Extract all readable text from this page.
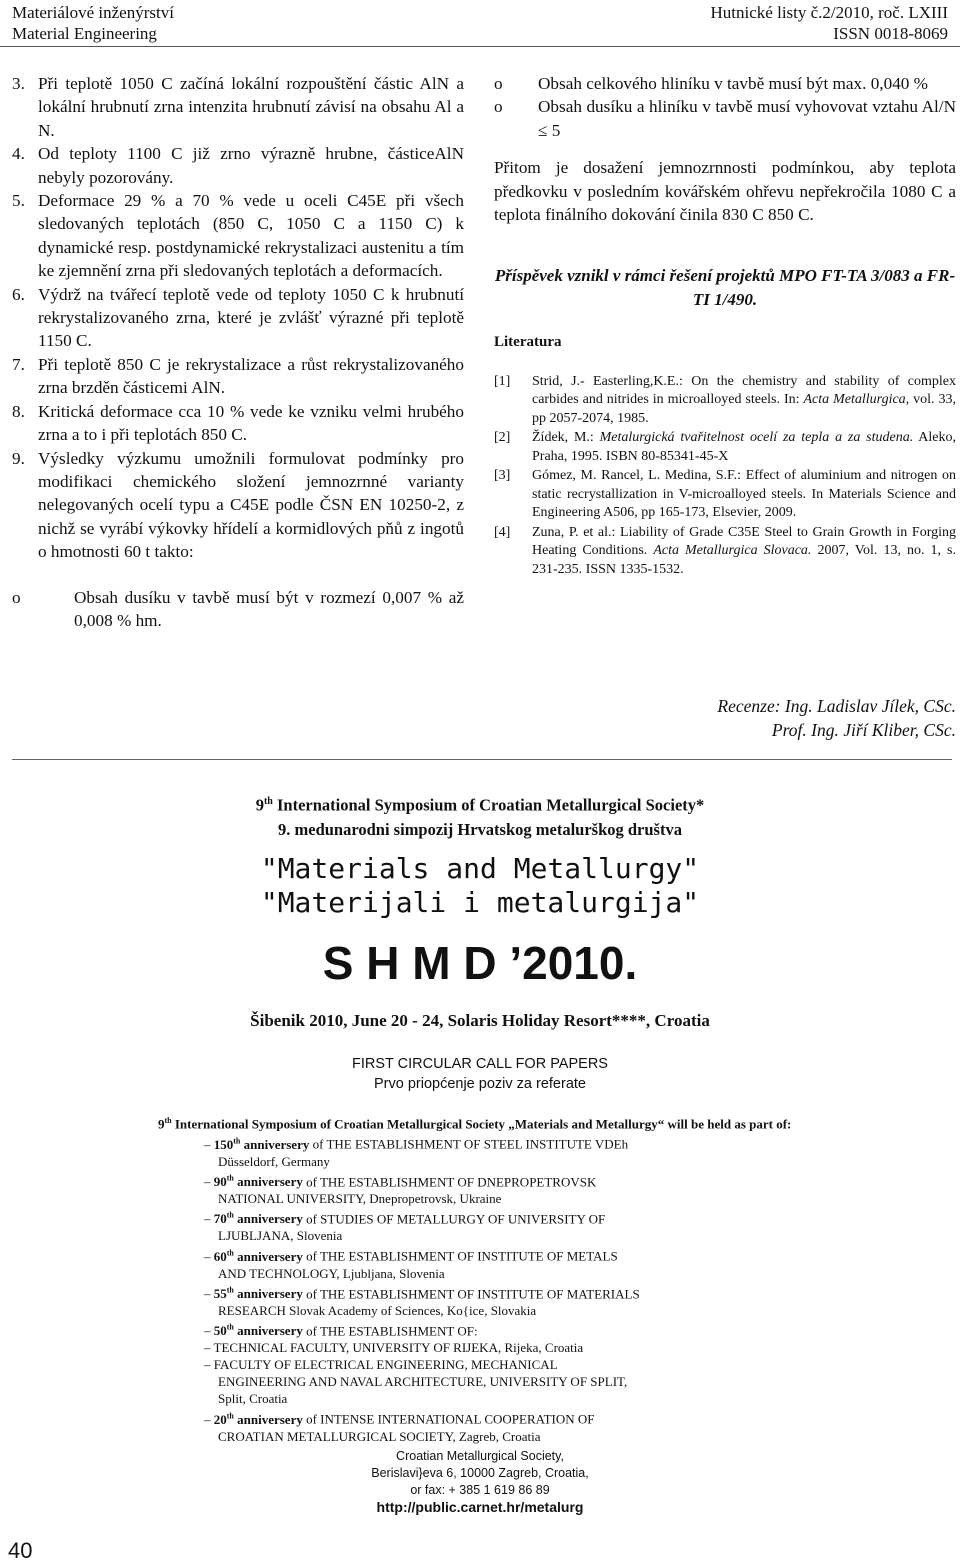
Materiálové inženýrství
Material Engineering
Hutnické listy č.2/2010, roč. LXIII
ISSN 0018-8069
3. Při teplotě 1050 C začíná lokální rozpouštění částic AlN a lokální hrubnutí zrna intenzita hrubnutí závisí na obsahu Al a N.
4. Od teploty 1100 C již zrno výrazně hrubne, částiceAlN nebyly pozorovány.
5. Deformace 29 % a 70 % vede u oceli C45E při všech sledovaných teplotách (850 C, 1050 C a 1150 C) k dynamické resp. postdynamické rekrystalizaci austenitu a tím ke zjemnění zrna při sledovaných teplotách a deformacích.
6. Výdrž na tvářecí teplotě vede od teploty 1050 C k hrubnutí rekrystalizovaného zrna, které je zvlášť výrazné při teplotě 1150 C.
7. Při teplotě 850 C je rekrystalizace a růst rekrystalizovaného zrna brzděn částicemi AlN.
8. Kritická deformace cca 10 % vede ke vzniku velmi hrubého zrna a to i při teplotách 850 C.
9. Výsledky výzkumu umožnili formulovat podmínky pro modifikaci chemického složení jemnozrnné varianty nelegovaných ocelí typu a C45E podle ČSN EN 10250-2, z nichž se vyrábí výkovky hřídelí a kormidlových pňů z ingotů o hmotnosti 60 t takto:
o	Obsah dusíku v tavbě musí být v rozmezí 0,007 % až 0,008 % hm.
o	Obsah celkového hliníku v tavbě musí být max. 0,040 %
o	Obsah dusíku a hliníku v tavbě musí vyhovovat vztahu Al/N ≤ 5
Přitom je dosažení jemnozrnnosti podmínkou, aby teplota předkovku v posledním kovářském ohřevu nepřekročila 1080 C a teplota finálního dokování činila 830 C 850 C.
Příspěvek vznikl v rámci řešení projektů MPO FT-TA 3/083 a FR-TI 1/490.
Literatura
[1]	Strid, J.- Easterling,K.E.: On the chemistry and stability of complex carbides and nitrides in microalloyed steels. In: Acta Metallurgica, vol. 33, pp 2057-2074, 1985.
[2]	Žídek, M.: Metalurgická tvařitelnost ocelí za tepla a za studena. Aleko, Praha, 1995. ISBN 80-85341-45-X
[3]	Gómez, M. Rancel, L. Medina, S.F.: Effect of aluminium and nitrogen on static recrystallization in V-microalloyed steels. In Materials Science and Engineering A506, pp 165-173, Elsevier, 2009.
[4]	Zuna, P. et al.: Liability of Grade C35E Steel to Grain Growth in Forging Heating Conditions. Acta Metallurgica Slovaca. 2007, Vol. 13, no. 1, s. 231-235. ISSN 1335-1532.
Recenze: Ing. Ladislav Jílek, CSc.
Prof. Ing. Jiří Kliber, CSc.
9th International Symposium of Croatian Metallurgical Society*
9. medunarodni simpozij Hrvatskog metalurškog društva
"Materials and Metallurgy"
"Materijali i metalurgija"
S H M D ’2010.
Šibenik 2010, June 20 - 24, Solaris Holiday Resort****, Croatia
FIRST CIRCULAR CALL FOR PAPERS
Prvo priopćenje poziv za referate
9th International Symposium of Croatian Metallurgical Society „Materials and Metallurgy“ will be held as part of:
– 150th anniversery of THE ESTABLISHMENT OF STEEL INSTITUTE VDEh
Düsseldorf, Germany
– 90th anniversery of THE ESTABLISHMENT OF DNEPROPETROVSK
NATIONAL UNIVERSITY, Dnepropetrovsk, Ukraine
– 70th anniversery of STUDIES OF METALLURGY OF UNIVERSITY OF
LJUBLJANA, Slovenia
– 60th anniversery of THE ESTABLISHMENT OF INSTITUTE OF METALS
AND TECHNOLOGY, Ljubljana, Slovenia
– 55th anniversery of THE ESTABLISHMENT OF INSTITUTE OF MATERIALS
RESEARCH Slovak Academy of Sciences, Ko{ice, Slovakia
– 50th anniversery of THE ESTABLISHMENT OF:
– TECHNICAL FACULTY, UNIVERSITY OF RIJEKA, Rijeka, Croatia
– FACULTY OF ELECTRICAL ENGINEERING, MECHANICAL
ENGINEERING AND NAVAL ARCHITECTURE, UNIVERSITY OF SPLIT,
Split, Croatia
– 20th anniversery of INTENSE INTERNATIONAL COOPERATION OF
CROATIAN METALLURGICAL SOCIETY, Zagreb, Croatia
Croatian Metallurgical Society,
Berislavi}eva 6, 10000 Zagreb, Croatia,
or fax: + 385 1 619 86 89
http://public.carnet.hr/metalurg
40
